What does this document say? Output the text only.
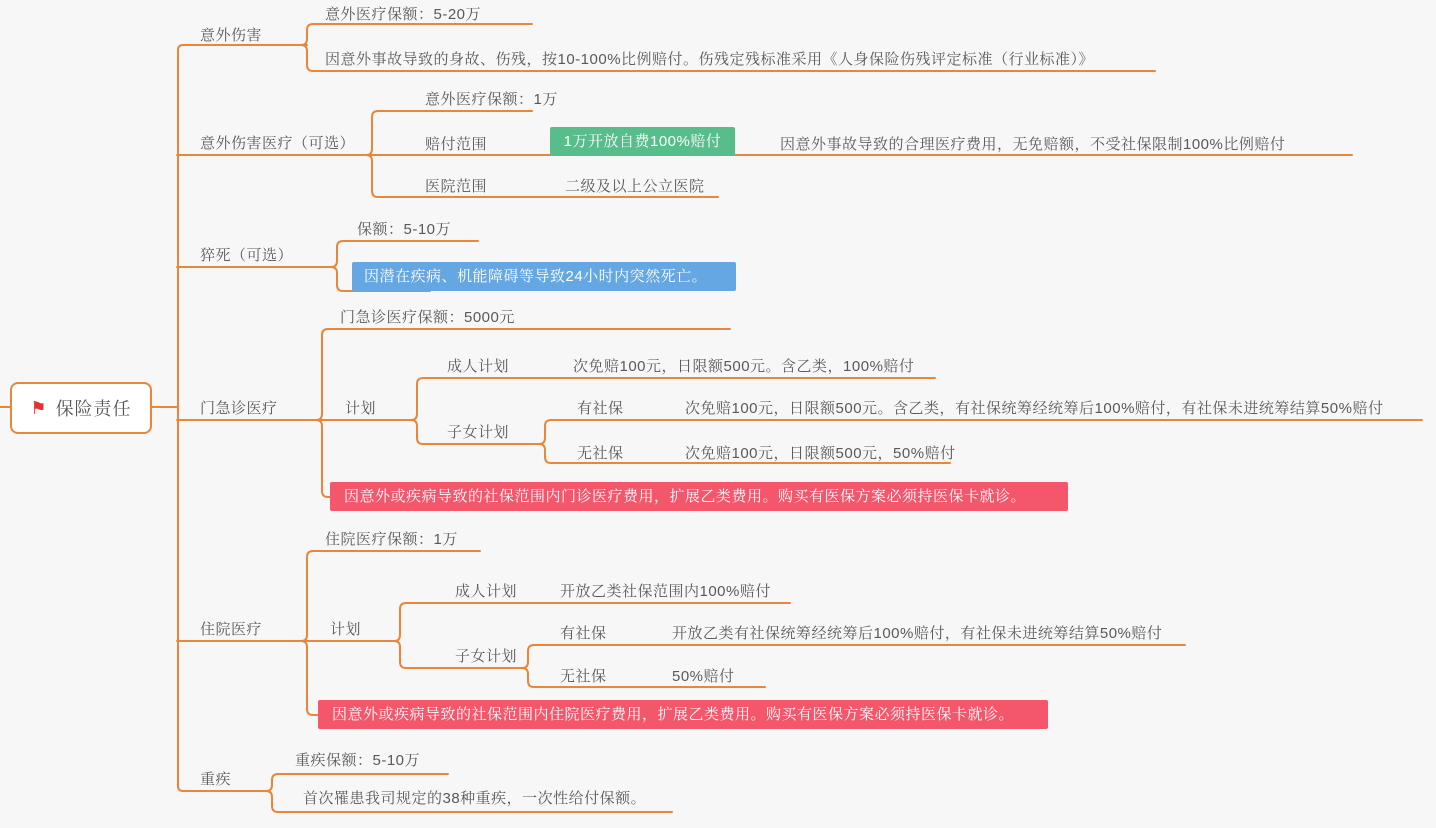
⚑ 保险责任
意外伤害
意外医疗保额：5-20万
因意外事故导致的身故、伤残，按10-100%比例赔付。伤残定残标准采用《人身保险伤残评定标准（行业标准）》
意外伤害医疗（可选）
意外医疗保额：1万
赔付范围	1万开放自费100%赔付	因意外事故导致的合理医疗费用，无免赔额，不受社保限制100%比例赔付
医院范围	二级及以上公立医院
猝死（可选）
保额：5-10万
因潜在疾病、机能障碍等导致24小时内突然死亡。
门急诊医疗
门急诊医疗保额：5000元
计划
成人计划	次免赔100元，日限额500元。含乙类，100%赔付
子女计划
有社保	次免赔100元，日限额500元。含乙类，有社保统筹经统筹后100%赔付，有社保未进统筹结算50%赔付
无社保	次免赔100元，日限额500元，50%赔付
因意外或疾病导致的社保范围内门诊医疗费用，扩展乙类费用。购买有医保方案必须持医保卡就诊。
住院医疗
住院医疗保额：1万
计划
成人计划	开放乙类社保范围内100%赔付
子女计划
有社保	开放乙类有社保统筹经统筹后100%赔付，有社保未进统筹结算50%赔付
无社保	50%赔付
因意外或疾病导致的社保范围内住院医疗费用，扩展乙类费用。购买有医保方案必须持医保卡就诊。
重疾
重疾保额：5-10万
首次罹患我司规定的38种重疾，一次性给付保额。
